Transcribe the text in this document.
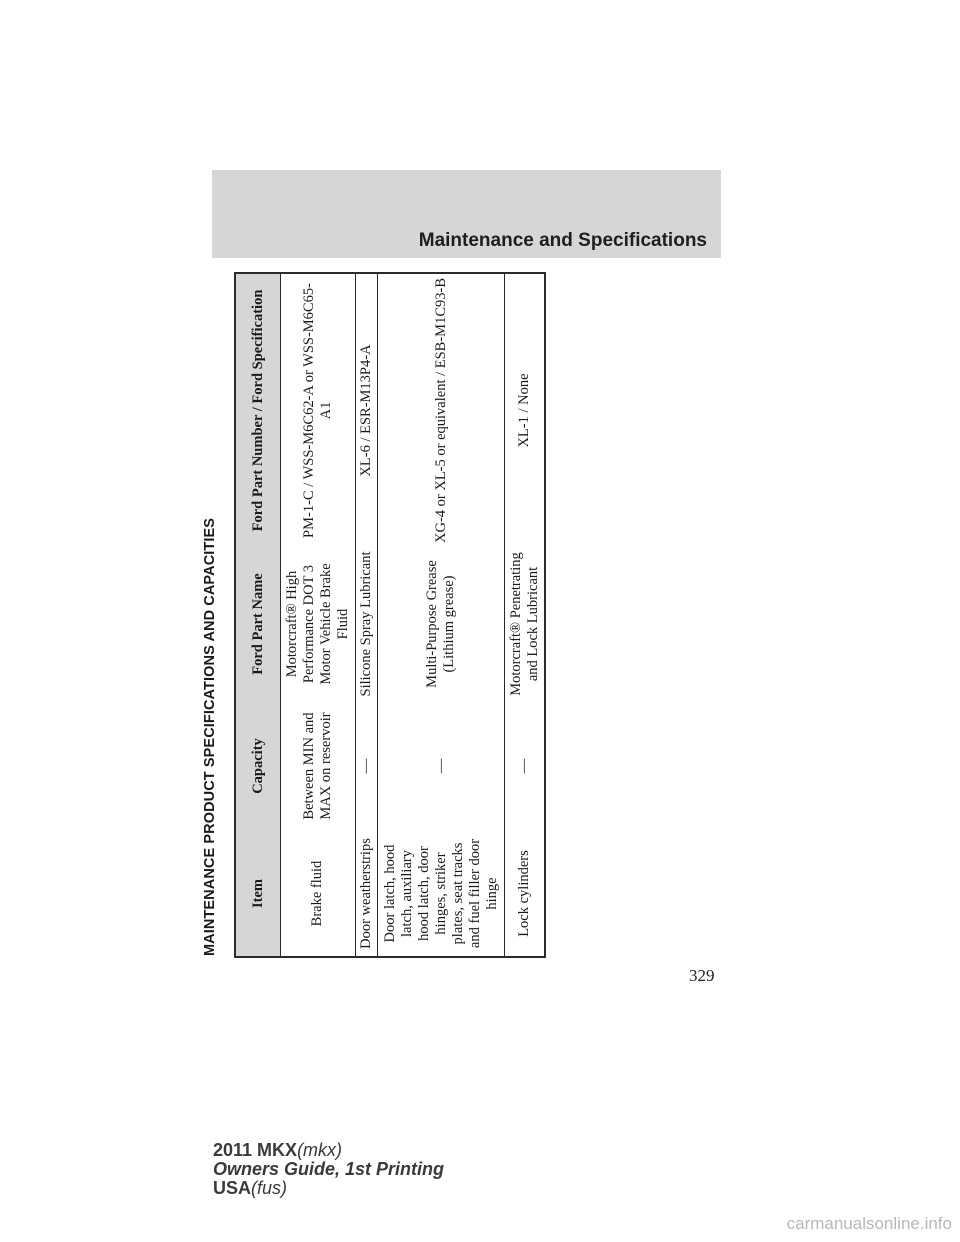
Maintenance and Specifications
MAINTENANCE PRODUCT SPECIFICATIONS AND CAPACITIES	Item	Capacity	Ford Part Name	Ford Part Number / Ford Specification
Brake fluid	Between MIN and MAX on reservoir	Motorcraft® High Performance DOT 3 Motor Vehicle Brake Fluid	PM-1-C / WSS-M6C62-A or WSS-M6C65-A1
Door weatherstrips	—	Silicone Spray Lubricant	XL-6 / ESR-M13P4-A
Door latch, hood latch, auxiliary hood latch, door hinges, striker plates, seat tracks and fuel filler door hinge	—	Multi-Purpose Grease (Lithium grease)	XG-4 or XL-5 or equivalent / ESB-M1C93-B
Lock cylinders	—	Motorcraft® Penetrating and Lock Lubricant	XL-1 / None
329
2011 MKX(mkx)
Owners Guide, 1st Printing
USA(fus)
carmanualsonline.info
